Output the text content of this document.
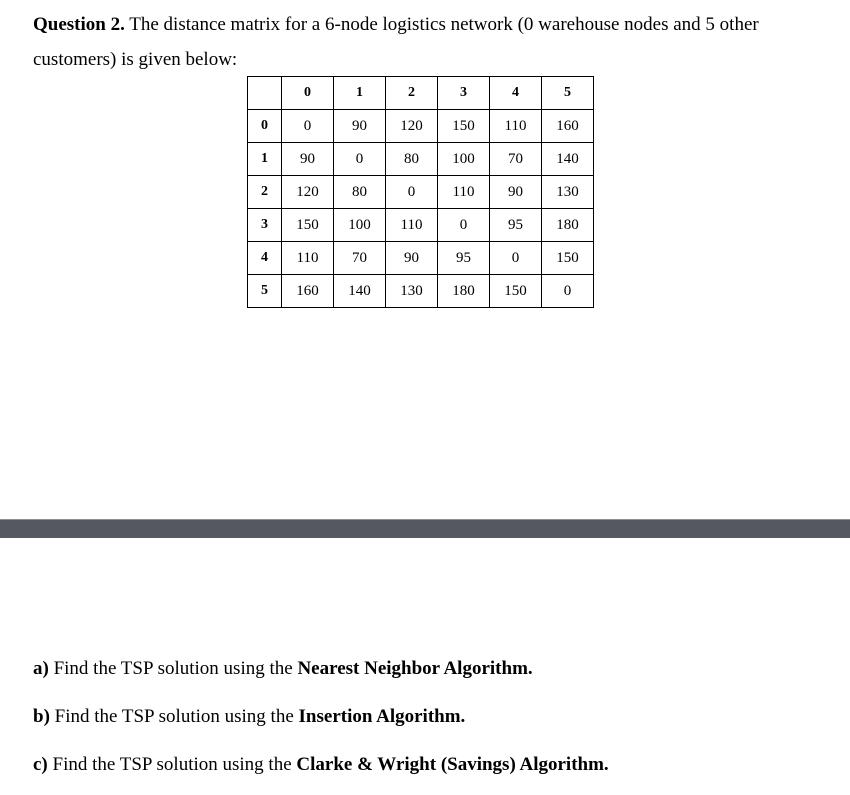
Question 2. The distance matrix for a 6-node logistics network (0 warehouse nodes and 5 other customers) is given below:
	0	1	2	3	4	5
0	0	90	120	150	110	160
1	90	0	80	100	70	140
2	120	80	0	110	90	130
3	150	100	110	0	95	180
4	110	70	90	95	0	150
5	160	140	130	180	150	0
a) Find the TSP solution using the Nearest Neighbor Algorithm.
b) Find the TSP solution using the Insertion Algorithm.
c) Find the TSP solution using the Clarke & Wright (Savings) Algorithm.
